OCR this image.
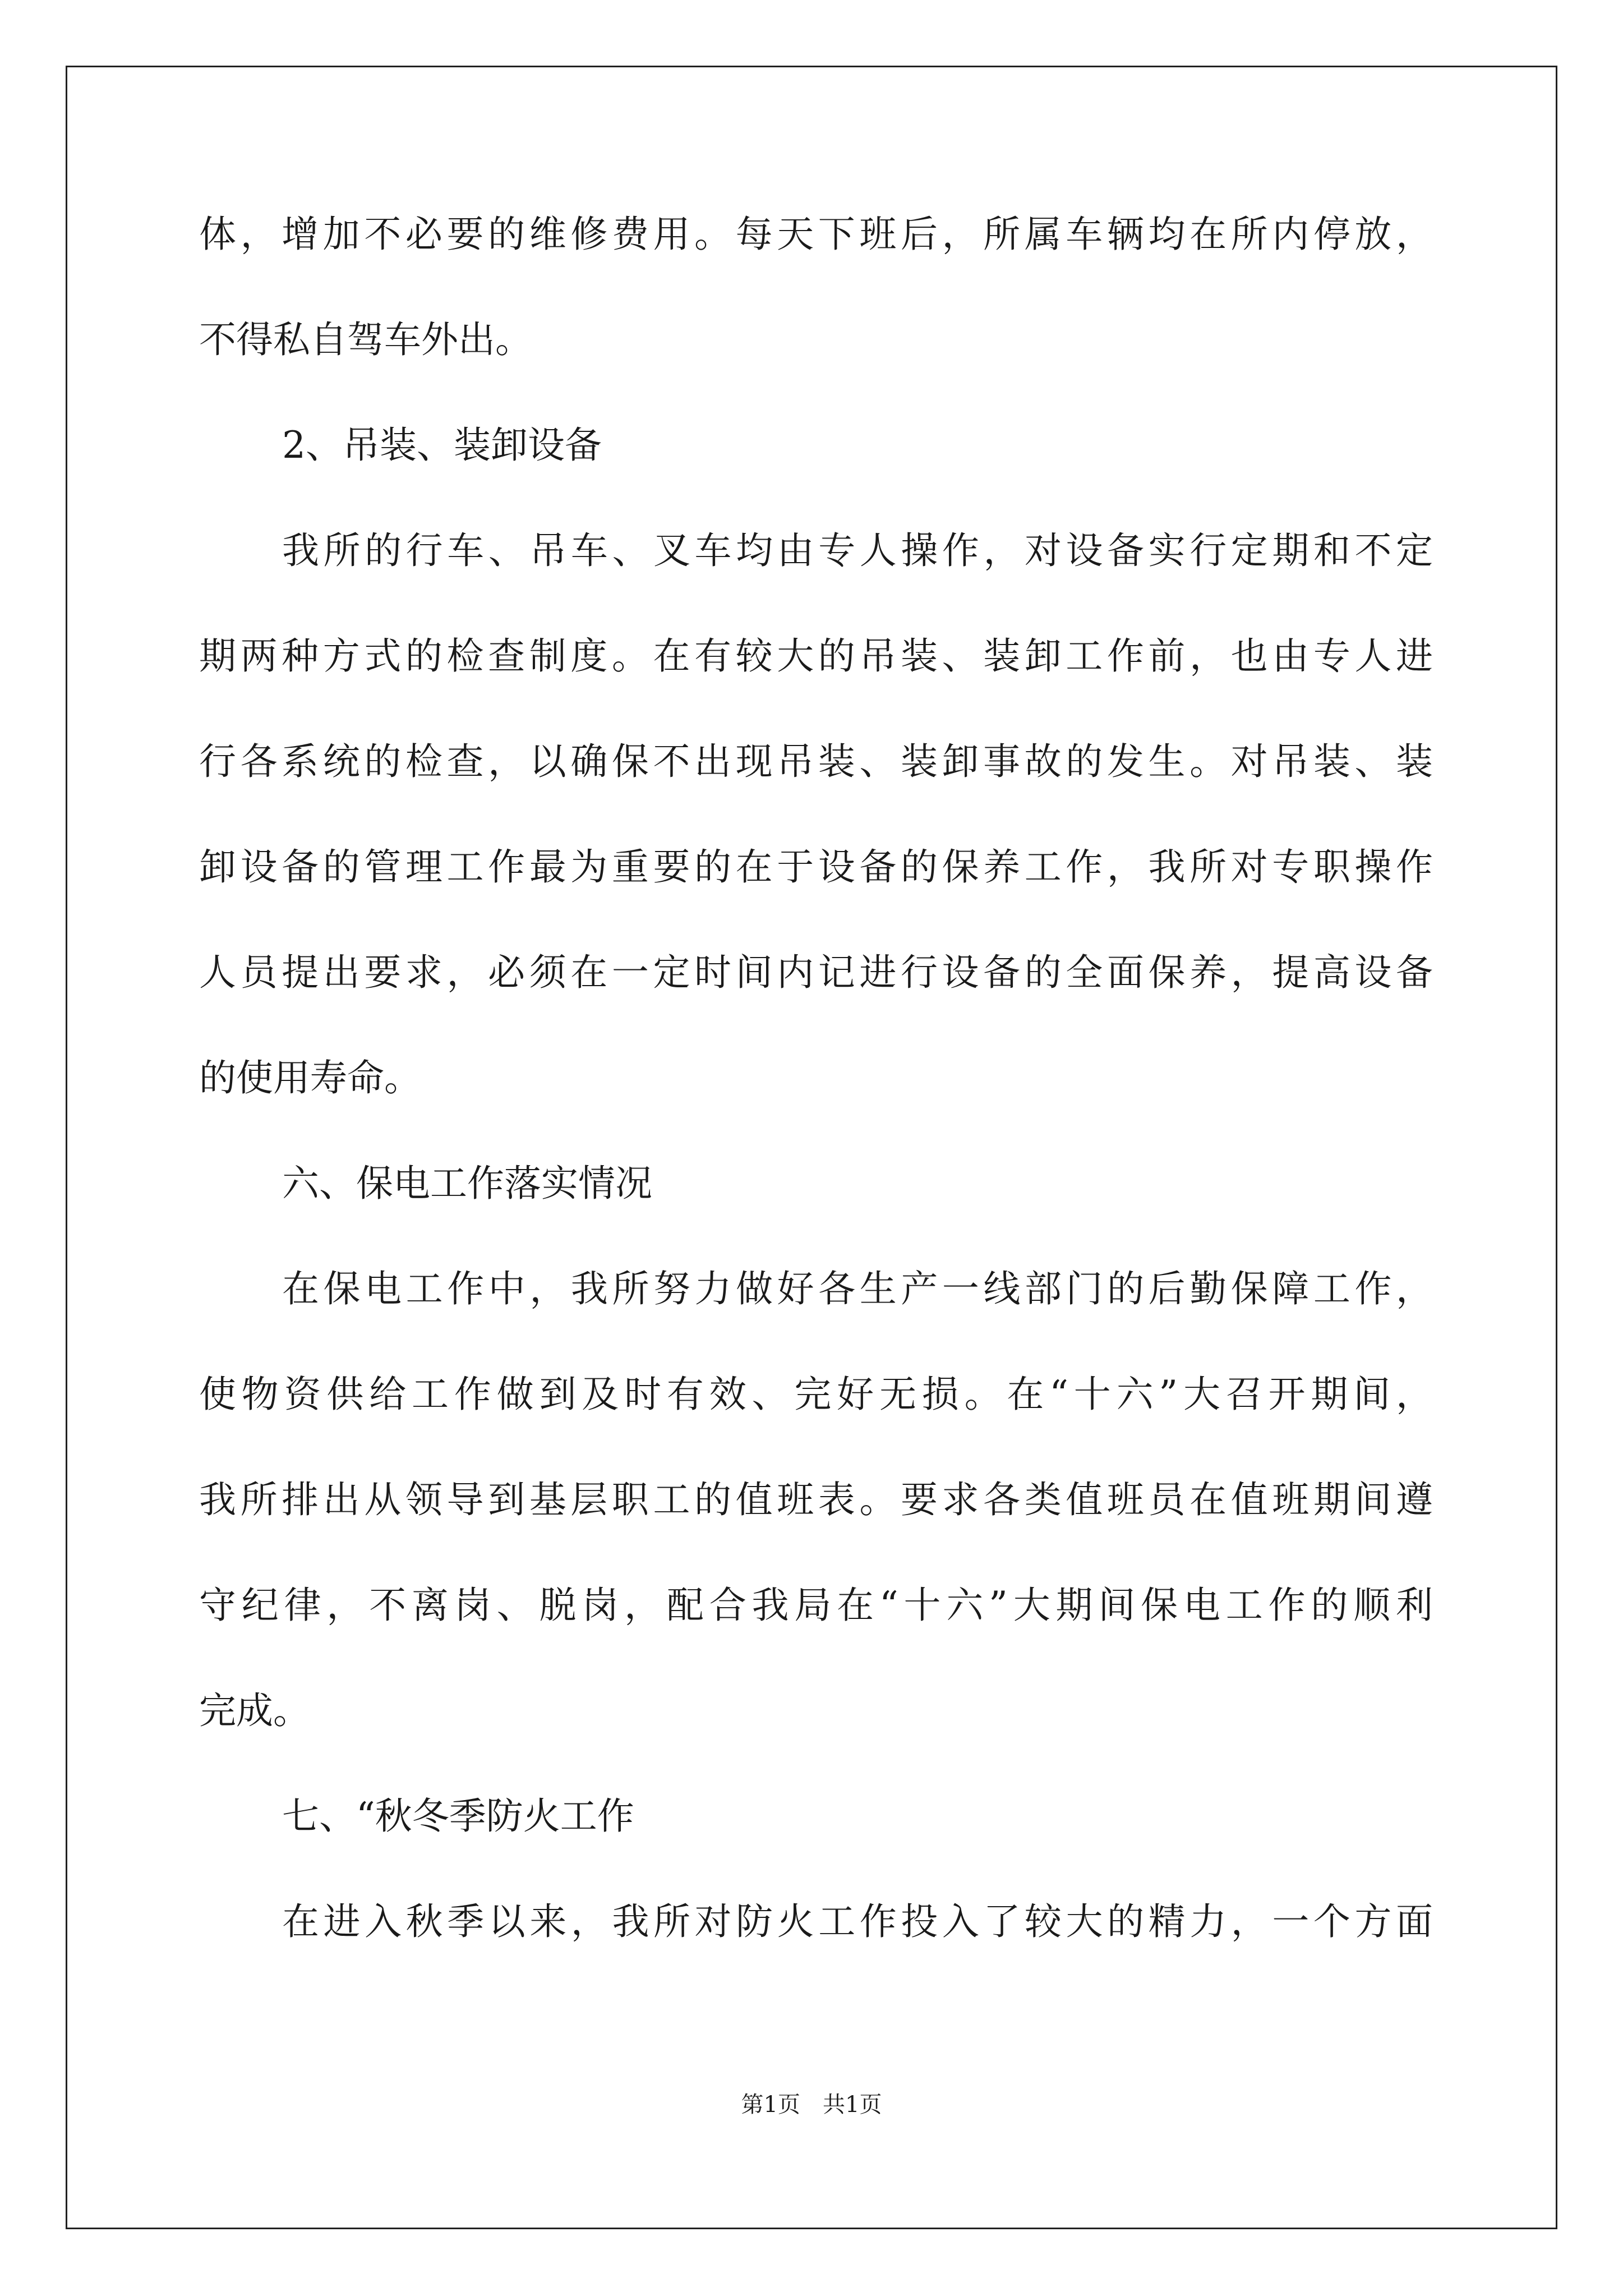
体，增加不必要的维修费用。每天下班后，所属车辆均在所内停放，
不得私自驾车外出。
2、吊装、装卸设备
我所的行车、吊车、叉车均由专人操作，对设备实行定期和不定
期两种方式的检查制度。在有较大的吊装、装卸工作前，也由专人进
行各系统的检查，以确保不出现吊装、装卸事故的发生。对吊装、装
卸设备的管理工作最为重要的在于设备的保养工作，我所对专职操作
人员提出要求，必须在一定时间内记进行设备的全面保养，提高设备
的使用寿命。
六、保电工作落实情况
在保电工作中，我所努力做好各生产一线部门的后勤保障工作，
使物资供给工作做到及时有效、完好无损。在“十六”大召开期间，
我所排出从领导到基层职工的值班表。要求各类值班员在值班期间遵
守纪律，不离岗、脱岗，配合我局在“十六”大期间保电工作的顺利
完成。
七、“秋冬季防火工作
在进入秋季以来，我所对防火工作投入了较大的精力，一个方面
第1页　共1页
